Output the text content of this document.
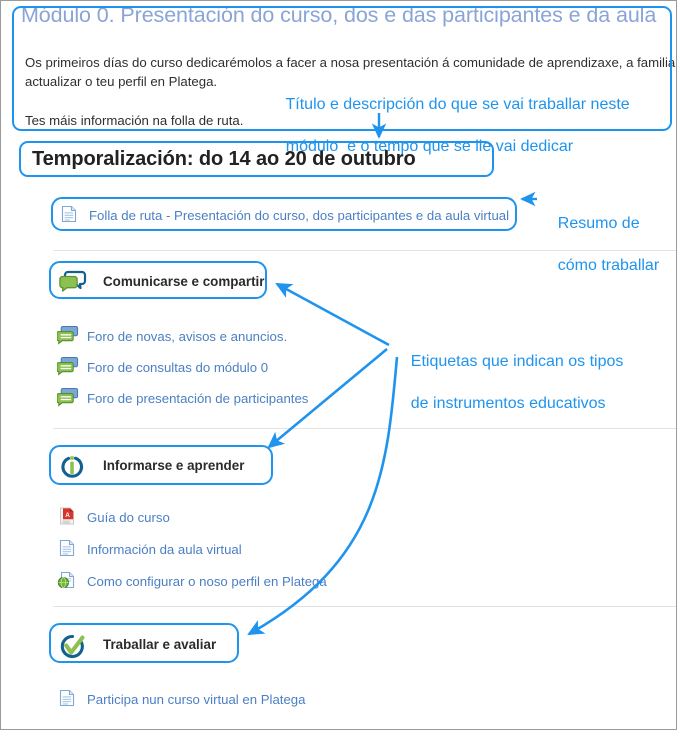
Módulo 0. Presentación do curso, dos e das participantes e da aula
Os primeiros días do curso dedicarémolos a facer a nosa presentación á comunidade de aprendizaxe, a familia
actualizar o teu perfil en Platega.
Tes máis información na folla de ruta.

Título e descripción do que se vai traballar neste

módulo  e o tempo que se lle vai dedicar

Resumo de

cómo traballar

Etiquetas que indican os tipos

de instrumentos educativos

Temporalización: do 14 ao 20 de outubro
Folla de ruta - Presentación do curso, dos participantes e da aula virtual
Comunicarse e compartir
Foro de novas, avisos e anuncios.
Foro de consultas do módulo 0
Foro de presentación de participantes
Informarse e aprender
A Guía do curso
Información da aula virtual
Como configurar o noso perfil en Platega
Traballar e avaliar
Participa nun curso virtual en Platega
